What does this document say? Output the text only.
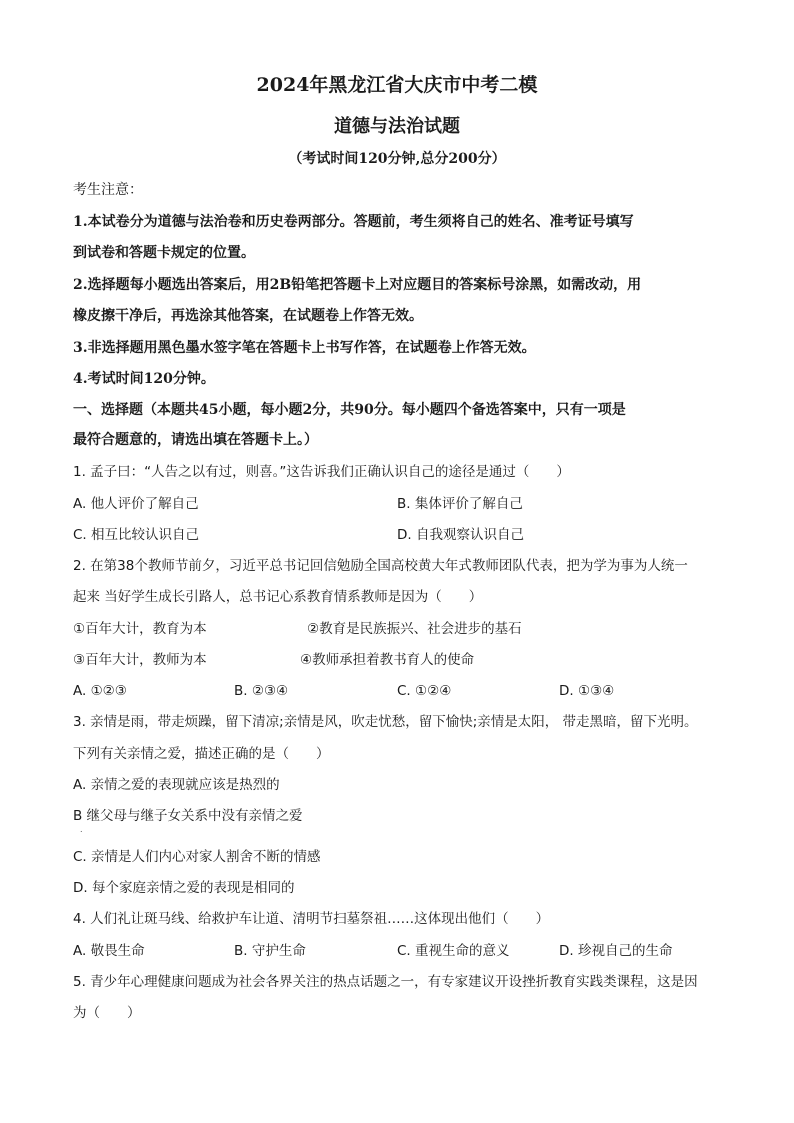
2024年黑龙江省大庆市中考二模
道德与法治试题
（考试时间120分钟,总分200分）
考生注意：
1.本试卷分为道德与法治卷和历史卷两部分。答题前，考生须将自己的姓名、准考证号填写
到试卷和答题卡规定的位置。
2.选择题每小题选出答案后，用2B铅笔把答题卡上对应题目的答案标号涂黑，如需改动，用
橡皮擦干净后，再选涂其他答案，在试题卷上作答无效。
3.非选择题用黑色墨水签字笔在答题卡上书写作答，在试题卷上作答无效。
4.考试时间120分钟。
一、选择题（本题共45小题，每小题2分，共90分。每小题四个备选答案中，只有一项是
最符合题意的，请选出填在答题卡上。）
1. 孟子曰：“人告之以有过，则喜。”这告诉我们正确认识自己的途径是通过（　　）
A. 他人评价了解自己	B. 集体评价了解自己
C. 相互比较认识自己	D. 自我观察认识自己
2. 在第38个教师节前夕，习近平总书记回信勉励全国高校黄大年式教师团队代表，把为学为事为人统一
起来 当好学生成长引路人，总书记心系教育情系教师是因为（　　）
①百年大计，教育为本	②教育是民族振兴、社会进步的基石
③百年大计，教师为本	④教师承担着教书育人的使命
A. ①②③	B. ②③④	C. ①②④	D. ①③④
3. 亲情是雨，带走烦躁，留下清凉;亲情是风，吹走忧愁，留下愉快;亲情是太阳， 带走黑暗，留下光明。
下列有关亲情之爱，描述正确的是（　　）
A. 亲情之爱的表现就应该是热烈的
B 继父母与继子女关系中没有亲情之爱
.
C. 亲情是人们内心对家人割舍不断的情感
D. 每个家庭亲情之爱的表现是相同的
4. 人们礼让斑马线、给救护车让道、清明节扫墓祭祖……这体现出他们（　　）
A. 敬畏生命	B. 守护生命	C. 重视生命的意义	D. 珍视自己的生命
5. 青少年心理健康问题成为社会各界关注的热点话题之一，有专家建议开设挫折教育实践类课程，这是因
为（　　）
